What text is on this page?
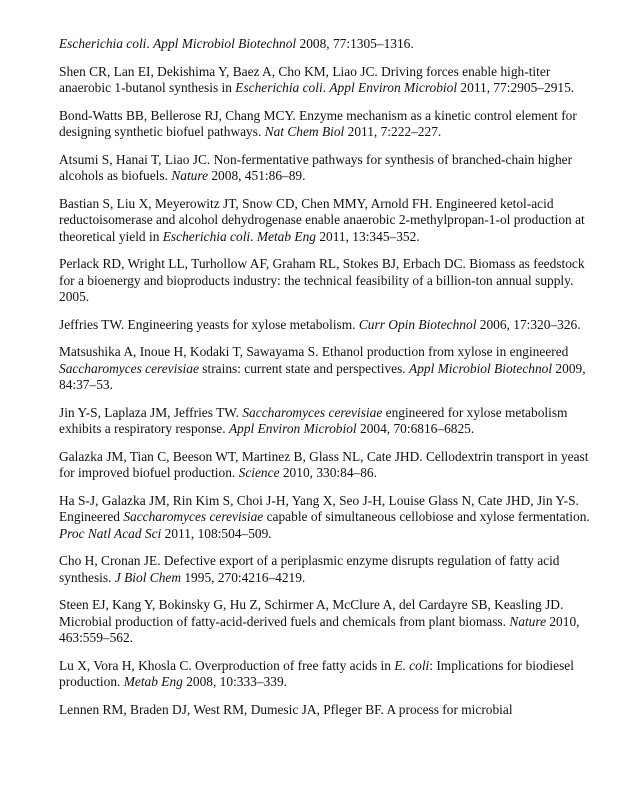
Escherichia coli. Appl Microbiol Biotechnol 2008, 77:1305–1316.
Shen CR, Lan EI, Dekishima Y, Baez A, Cho KM, Liao JC. Driving forces enable high-titer anaerobic 1-butanol synthesis in Escherichia coli. Appl Environ Microbiol 2011, 77:2905–2915.
Bond-Watts BB, Bellerose RJ, Chang MCY. Enzyme mechanism as a kinetic control element for designing synthetic biofuel pathways. Nat Chem Biol 2011, 7:222–227.
Atsumi S, Hanai T, Liao JC. Non-fermentative pathways for synthesis of branched-chain higher alcohols as biofuels. Nature 2008, 451:86–89.
Bastian S, Liu X, Meyerowitz JT, Snow CD, Chen MMY, Arnold FH. Engineered ketol-acid reductoisomerase and alcohol dehydrogenase enable anaerobic 2-methylpropan-1-ol production at theoretical yield in Escherichia coli. Metab Eng 2011, 13:345–352.
Perlack RD, Wright LL, Turhollow AF, Graham RL, Stokes BJ, Erbach DC. Biomass as feedstock for a bioenergy and bioproducts industry: the technical feasibility of a billion-ton annual supply. 2005.
Jeffries TW. Engineering yeasts for xylose metabolism. Curr Opin Biotechnol 2006, 17:320–326.
Matsushika A, Inoue H, Kodaki T, Sawayama S. Ethanol production from xylose in engineered Saccharomyces cerevisiae strains: current state and perspectives. Appl Microbiol Biotechnol 2009, 84:37–53.
Jin Y-S, Laplaza JM, Jeffries TW. Saccharomyces cerevisiae engineered for xylose metabolism exhibits a respiratory response. Appl Environ Microbiol 2004, 70:6816–6825.
Galazka JM, Tian C, Beeson WT, Martinez B, Glass NL, Cate JHD. Cellodextrin transport in yeast for improved biofuel production. Science 2010, 330:84–86.
Ha S-J, Galazka JM, Rin Kim S, Choi J-H, Yang X, Seo J-H, Louise Glass N, Cate JHD, Jin Y-S. Engineered Saccharomyces cerevisiae capable of simultaneous cellobiose and xylose fermentation. Proc Natl Acad Sci 2011, 108:504–509.
Cho H, Cronan JE. Defective export of a periplasmic enzyme disrupts regulation of fatty acid synthesis. J Biol Chem 1995, 270:4216–4219.
Steen EJ, Kang Y, Bokinsky G, Hu Z, Schirmer A, McClure A, del Cardayre SB, Keasling JD. Microbial production of fatty-acid-derived fuels and chemicals from plant biomass. Nature 2010, 463:559–562.
Lu X, Vora H, Khosla C. Overproduction of free fatty acids in E. coli: Implications for biodiesel production. Metab Eng 2008, 10:333–339.
Lennen RM, Braden DJ, West RM, Dumesic JA, Pfleger BF. A process for microbial
